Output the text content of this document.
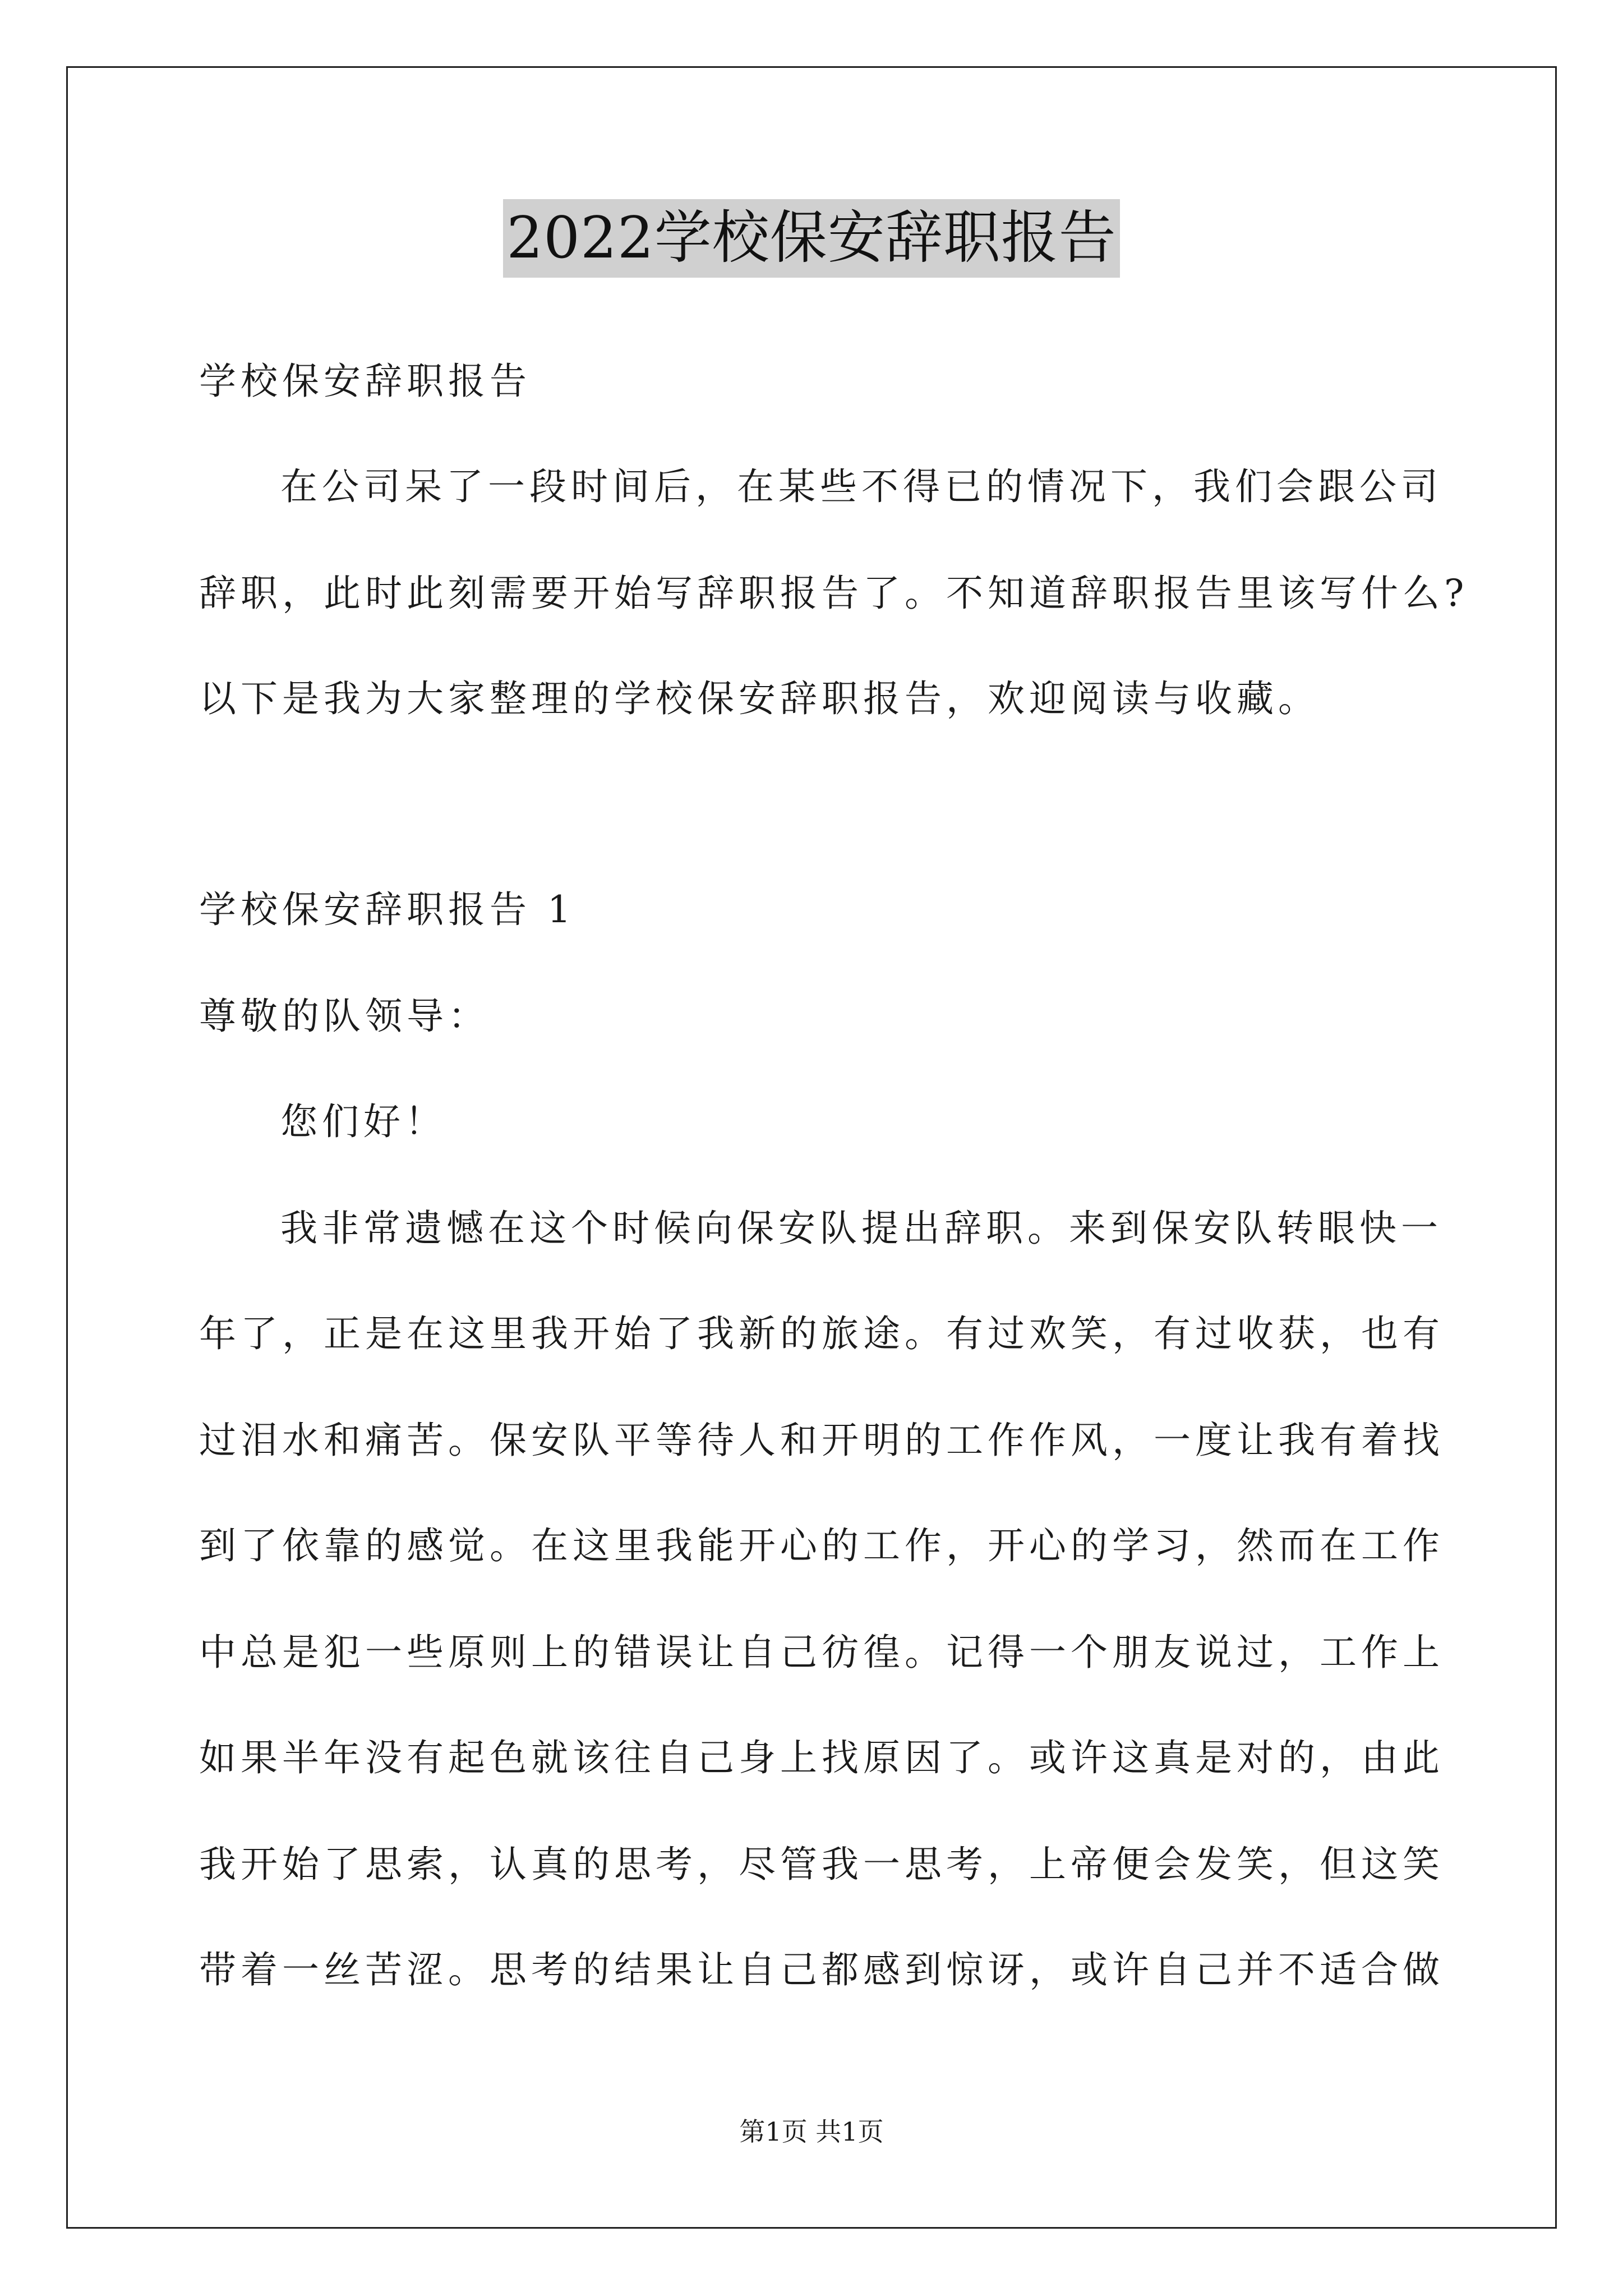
2022学校保安辞职报告
学校保安辞职报告
在公司呆了一段时间后，在某些不得已的情况下，我们会跟公司
辞职，此时此刻需要开始写辞职报告了。不知道辞职报告里该写什么?
以下是我为大家整理的学校保安辞职报告，欢迎阅读与收藏。
学校保安辞职报告 1
尊敬的队领导：
您们好！
我非常遗憾在这个时候向保安队提出辞职。来到保安队转眼快一
年了，正是在这里我开始了我新的旅途。有过欢笑，有过收获，也有
过泪水和痛苦。保安队平等待人和开明的工作作风，一度让我有着找
到了依靠的感觉。在这里我能开心的工作，开心的学习，然而在工作
中总是犯一些原则上的错误让自己彷徨。记得一个朋友说过，工作上
如果半年没有起色就该往自己身上找原因了。或许这真是对的，由此
我开始了思索，认真的思考，尽管我一思考，上帝便会发笑，但这笑
带着一丝苦涩。思考的结果让自己都感到惊讶，或许自己并不适合做
第1页 共1页
